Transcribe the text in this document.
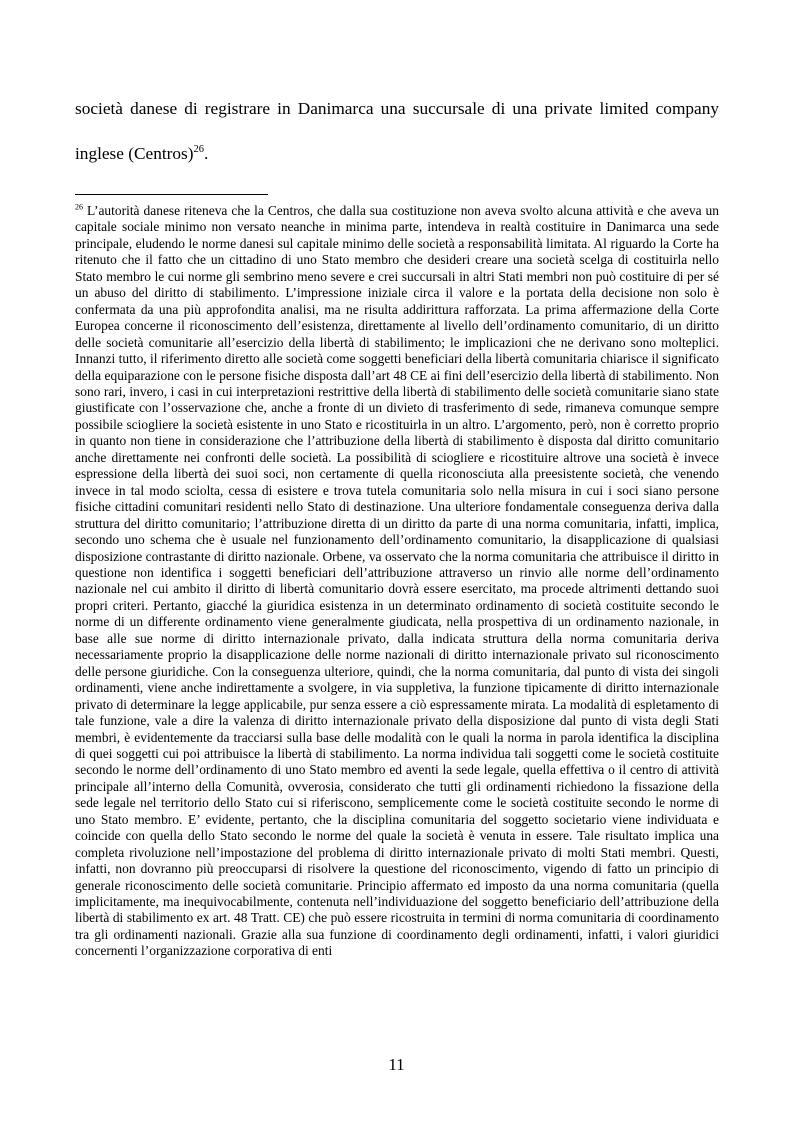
società danese di registrare in Danimarca una succursale di una private limited company inglese (Centros)$^{26}$.

$^{26}$ L’autorità danese riteneva che la Centros, che dalla sua costituzione non aveva svolto alcuna attività e che aveva un capitale sociale minimo non versato neanche in minima parte, intendeva in realtà costituire in Danimarca una sede principale, eludendo le norme danesi sul capitale minimo delle società a responsabilità limitata. Al riguardo la Corte ha ritenuto che il fatto che un cittadino di uno Stato membro che desideri creare una società scelga di costituirla nello Stato membro le cui norme gli sembrino meno severe e crei succursali in altri Stati membri non può costituire di per sé un abuso del diritto di stabilimento. L’impressione iniziale circa il valore e la portata della decisione non solo è confermata da una più approfondita analisi, ma ne risulta addirittura rafforzata. La prima affermazione della Corte Europea concerne il riconoscimento dell’esistenza, direttamente al livello dell’ordinamento comunitario, di un diritto delle società comunitarie all’esercizio della libertà di stabilimento; le implicazioni che ne derivano sono molteplici. Innanzi tutto, il riferimento diretto alle società come soggetti beneficiari della libertà comunitaria chiarisce il significato della equiparazione con le persone fisiche disposta dall’art 48 CE ai fini dell’esercizio della libertà di stabilimento. Non sono rari, invero, i casi in cui interpretazioni restrittive della libertà di stabilimento delle società comunitarie siano state giustificate con l’osservazione che, anche a fronte di un divieto di trasferimento di sede, rimaneva comunque sempre possibile sciogliere la società esistente in uno Stato e ricostituirla in un altro. L’argomento, però, non è corretto proprio in quanto non tiene in considerazione che l’attribuzione della libertà di stabilimento è disposta dal diritto comunitario anche direttamente nei confronti delle società. La possibilità di sciogliere e ricostituire altrove una società è invece espressione della libertà dei suoi soci, non certamente di quella riconosciuta alla preesistente società, che venendo invece in tal modo sciolta, cessa di esistere e trova tutela comunitaria solo nella misura in cui i soci siano persone fisiche cittadini comunitari residenti nello Stato di destinazione. Una ulteriore fondamentale conseguenza deriva dalla struttura del diritto comunitario; l’attribuzione diretta di un diritto da parte di una norma comunitaria, infatti, implica, secondo uno schema che è usuale nel funzionamento dell’ordinamento comunitario, la disapplicazione di qualsiasi disposizione contrastante di diritto nazionale. Orbene, va osservato che la norma comunitaria che attribuisce il diritto in questione non identifica i soggetti beneficiari dell’attribuzione attraverso un rinvio alle norme dell’ordinamento nazionale nel cui ambito il diritto di libertà comunitario dovrà essere esercitato, ma procede altrimenti dettando suoi propri criteri. Pertanto, giacché la giuridica esistenza in un determinato ordinamento di società costituite secondo le norme di un differente ordinamento viene generalmente giudicata, nella prospettiva di un ordinamento nazionale, in base alle sue norme di diritto internazionale privato, dalla indicata struttura della norma comunitaria deriva necessariamente proprio la disapplicazione delle norme nazionali di diritto internazionale privato sul riconoscimento delle persone giuridiche. Con la conseguenza ulteriore, quindi, che la norma comunitaria, dal punto di vista dei singoli ordinamenti, viene anche indirettamente a svolgere, in via suppletiva, la funzione tipicamente di diritto internazionale privato di determinare la legge applicabile, pur senza essere a ciò espressamente mirata. La modalità di espletamento di tale funzione, vale a dire la valenza di diritto internazionale privato della disposizione dal punto di vista degli Stati membri, è evidentemente da tracciarsi sulla base delle modalità con le quali la norma in parola identifica la disciplina di quei soggetti cui poi attribuisce la libertà di stabilimento. La norma individua tali soggetti come le società costituite secondo le norme dell’ordinamento di uno Stato membro ed aventi la sede legale, quella effettiva o il centro di attività principale all’interno della Comunità, ovverosia, considerato che tutti gli ordinamenti richiedono la fissazione della sede legale nel territorio dello Stato cui si riferiscono, semplicemente come le società costituite secondo le norme di uno Stato membro. E’ evidente, pertanto, che la disciplina comunitaria del soggetto societario viene individuata e coincide con quella dello Stato secondo le norme del quale la società è venuta in essere. Tale risultato implica una completa rivoluzione nell’impostazione del problema di diritto internazionale privato di molti Stati membri. Questi, infatti, non dovranno più preoccuparsi di risolvere la questione del riconoscimento, vigendo di fatto un principio di generale riconoscimento delle società comunitarie. Principio affermato ed imposto da una norma comunitaria (quella implicitamente, ma inequivocabilmente, contenuta nell’individuazione del soggetto beneficiario dell’attribuzione della libertà di stabilimento ex art. 48 Tratt. CE) che può essere ricostruita in termini di norma comunitaria di coordinamento tra gli ordinamenti nazionali. Grazie alla sua funzione di coordinamento degli ordinamenti, infatti, i valori giuridici concernenti l’organizzazione corporativa di enti

11
